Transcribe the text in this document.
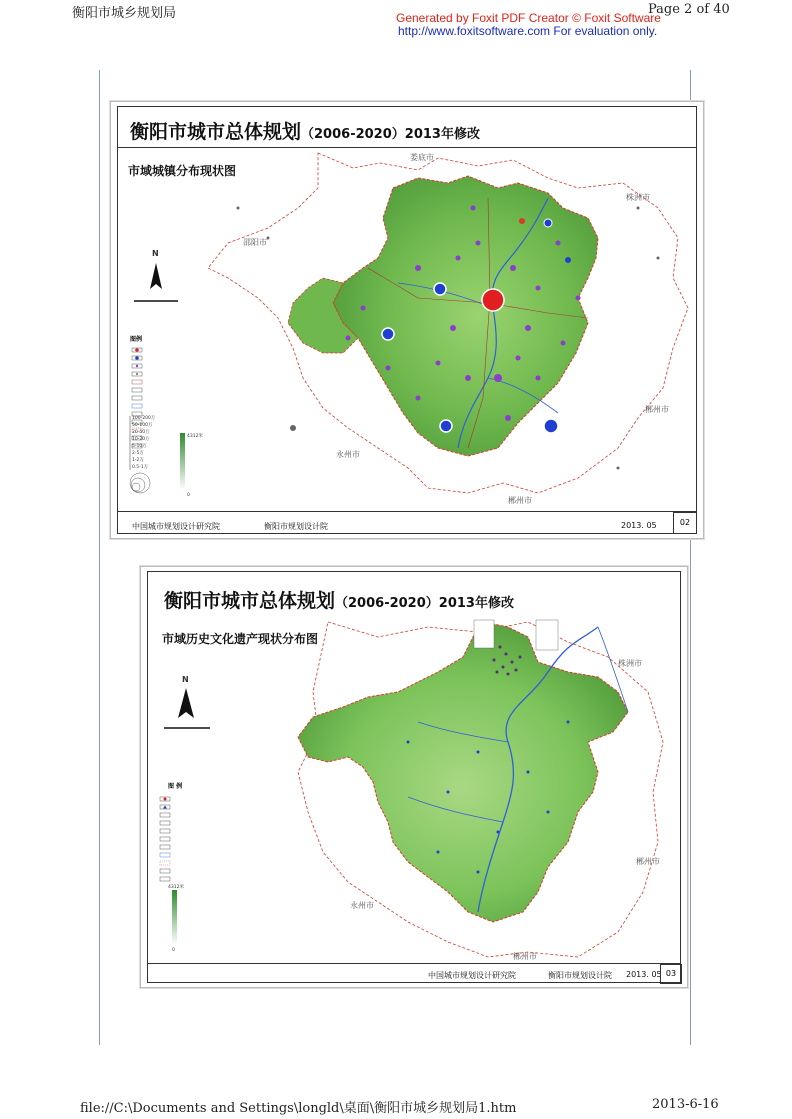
衡阳市城乡规划局	Page 2 of 40
Generated by Foxit PDF Creator © Foxit Software
http://www.foxitsoftware.com For evaluation only.
衡阳市城市总体规划（2006-2020）2013年修改
市域城镇分布现状图
N
图例
100-200万
50-100万
20-50万
10-20万
5-10万
2-5万
1-2万
0.5-1万
4312米
0
娄底市
株洲市
邵阳市
郴州市
永州市
郴州市
中国城市规划设计研究院	衡阳市规划设计院	2013. 05	02
衡阳市城市总体规划（2006-2020）2013年修改
市域历史文化遗产现状分布图
N
图 例
4312米
0
株洲市
郴州市
永州市
郴州市
中国城市规划设计研究院	衡阳市规划设计院 2013. 05 03
file://C:\Documents and Settings\longld\桌面\衡阳市城乡规划局1.htm	2013-6-16
